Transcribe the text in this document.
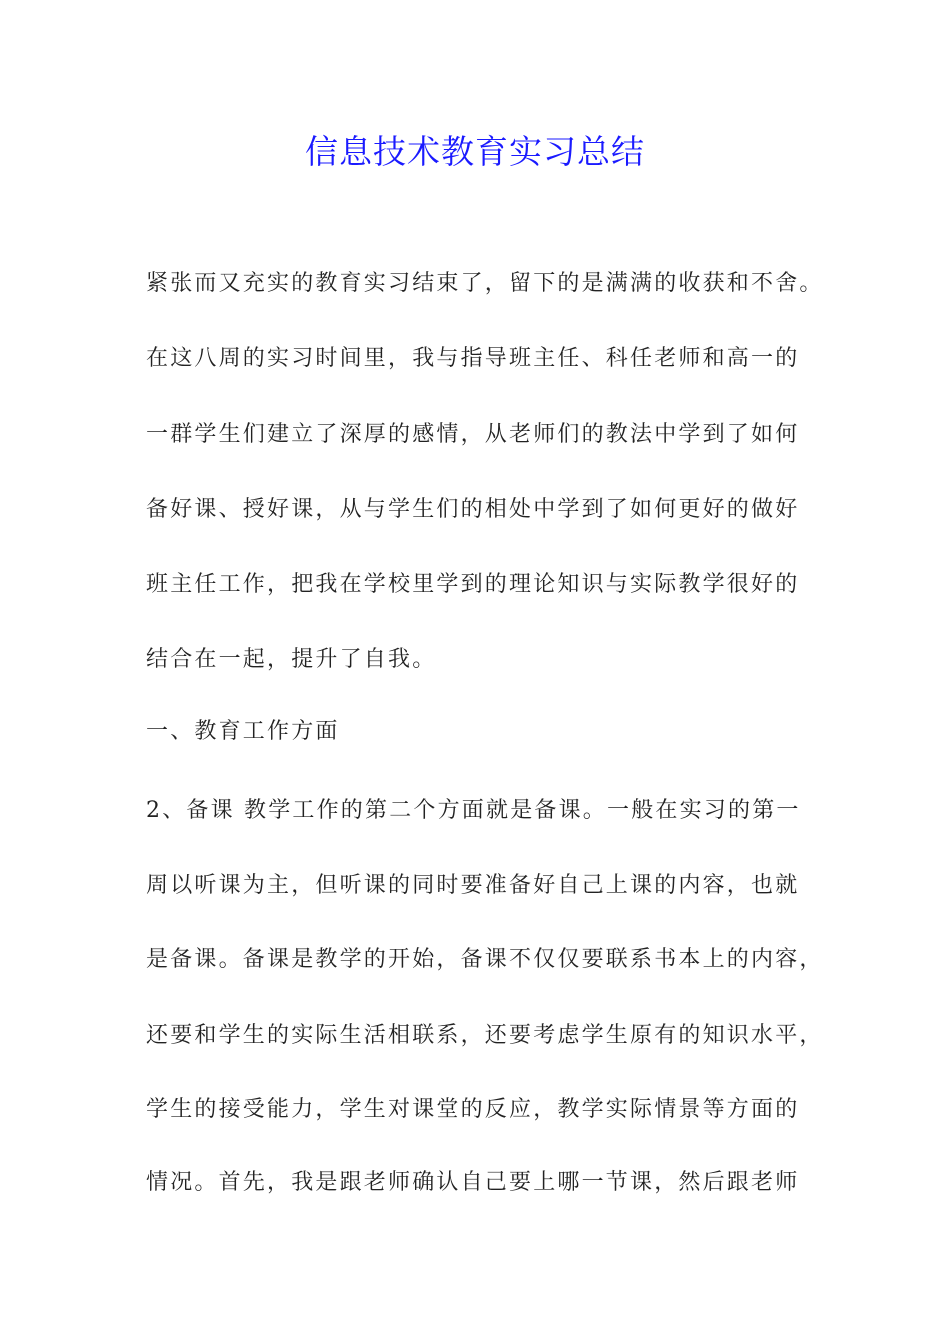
信息技术教育实习总结

紧张而又充实的教育实习结束了，留下的是满满的收获和不舍。

在这八周的实习时间里，我与指导班主任、科任老师和高一的

一群学生们建立了深厚的感情，从老师们的教法中学到了如何

备好课、授好课，从与学生们的相处中学到了如何更好的做好

班主任工作，把我在学校里学到的理论知识与实际教学很好的

结合在一起，提升了自我。

一、教育工作方面

2、备课 教学工作的第二个方面就是备课。一般在实习的第一

周以听课为主，但听课的同时要准备好自己上课的内容，也就

是备课。备课是教学的开始，备课不仅仅要联系书本上的内容，

还要和学生的实际生活相联系，还要考虑学生原有的知识水平，

学生的接受能力，学生对课堂的反应，教学实际情景等方面的

情况。首先，我是跟老师确认自己要上哪一节课，然后跟老师
